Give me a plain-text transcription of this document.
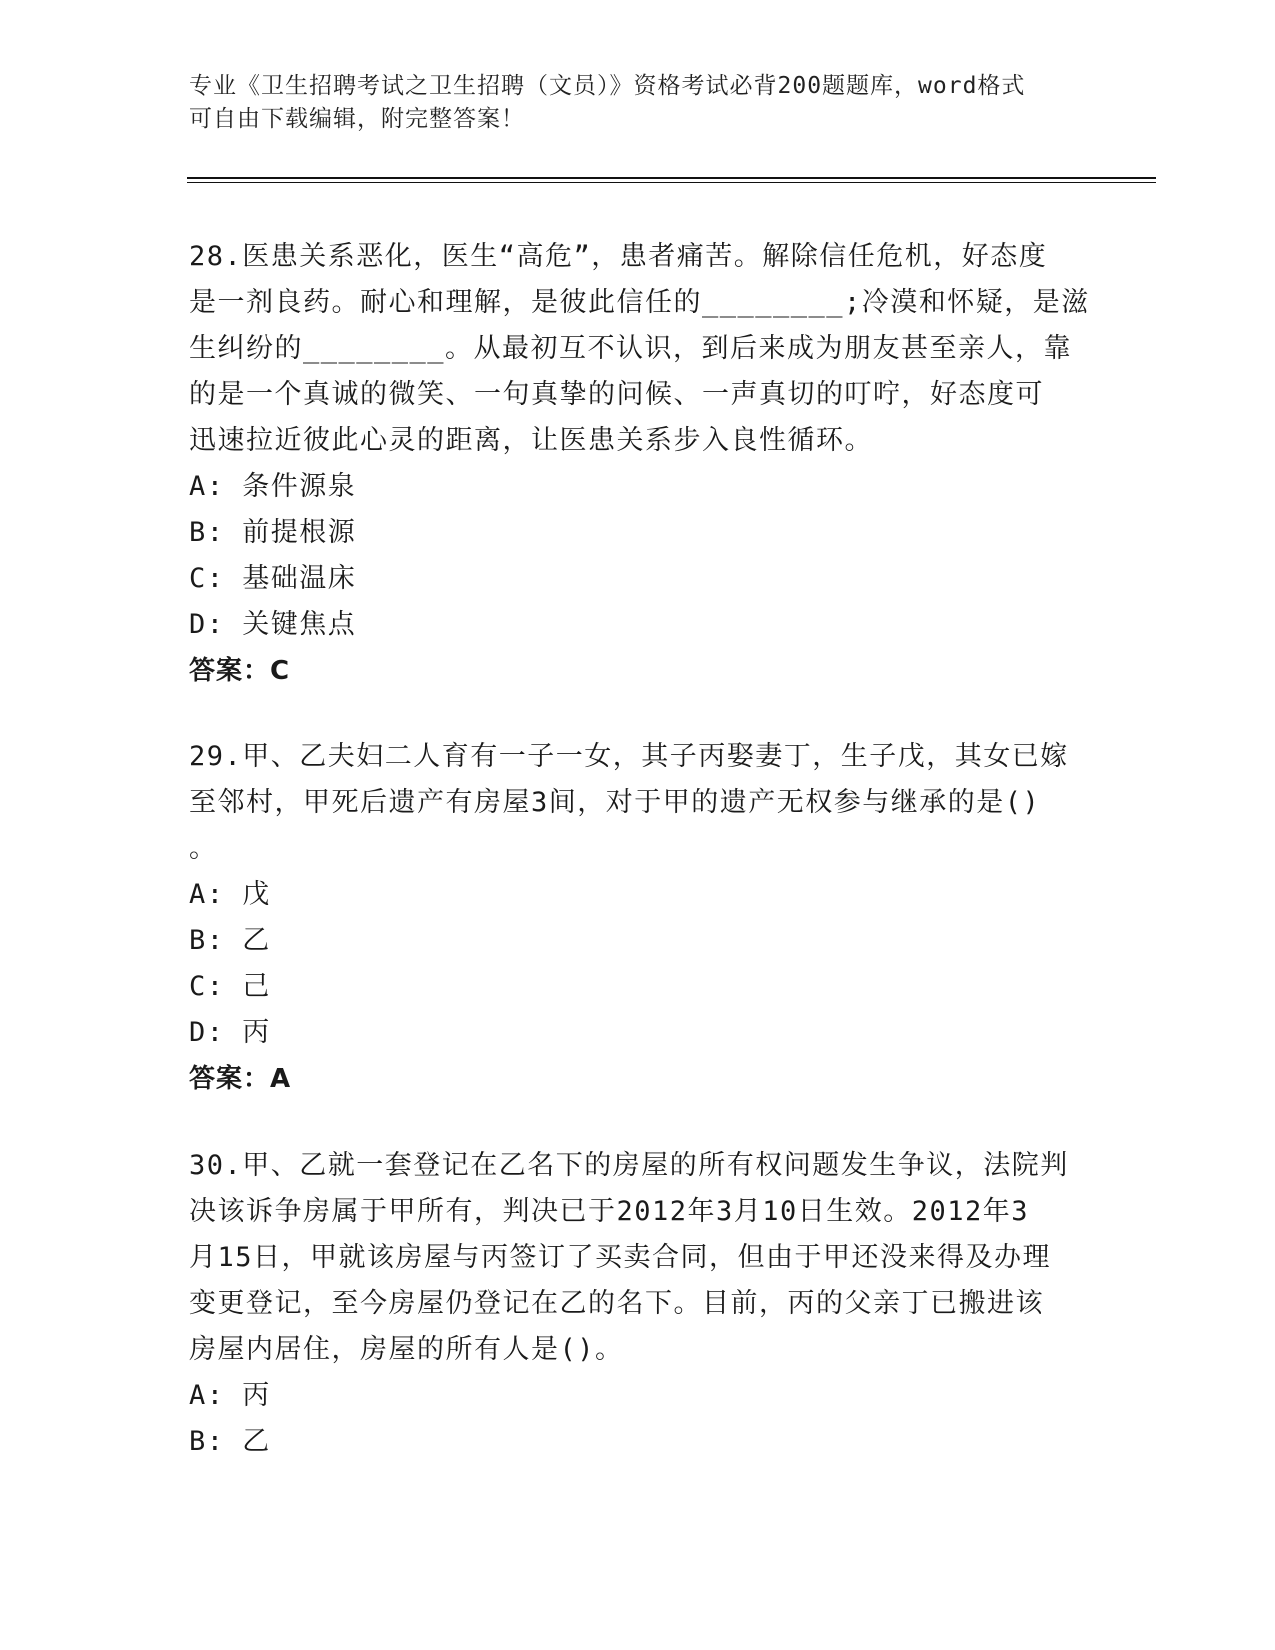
专业《卫生招聘考试之卫生招聘（文员）》资格考试必背200题题库，word格式
可自由下载编辑，附完整答案！
28.医患关系恶化，医生“高危”，患者痛苦。解除信任危机，好态度
是一剂良药。耐心和理解，是彼此信任的________;冷漠和怀疑，是滋
生纠纷的________。从最初互不认识，到后来成为朋友甚至亲人，靠
的是一个真诚的微笑、一句真挚的问候、一声真切的叮咛，好态度可
迅速拉近彼此心灵的距离，让医患关系步入良性循环。
A: 条件源泉
B: 前提根源
C: 基础温床
D: 关键焦点
答案：C
29.甲、乙夫妇二人育有一子一女，其子丙娶妻丁，生子戊，其女已嫁
至邻村，甲死后遗产有房屋3间，对于甲的遗产无权参与继承的是()
。
A: 戊
B: 乙
C: 己
D: 丙
答案：A
30.甲、乙就一套登记在乙名下的房屋的所有权问题发生争议，法院判
决该诉争房属于甲所有，判决已于2012年3月10日生效。2012年3
月15日，甲就该房屋与丙签订了买卖合同，但由于甲还没来得及办理
变更登记，至今房屋仍登记在乙的名下。目前，丙的父亲丁已搬进该
房屋内居住，房屋的所有人是()。
A: 丙
B: 乙
